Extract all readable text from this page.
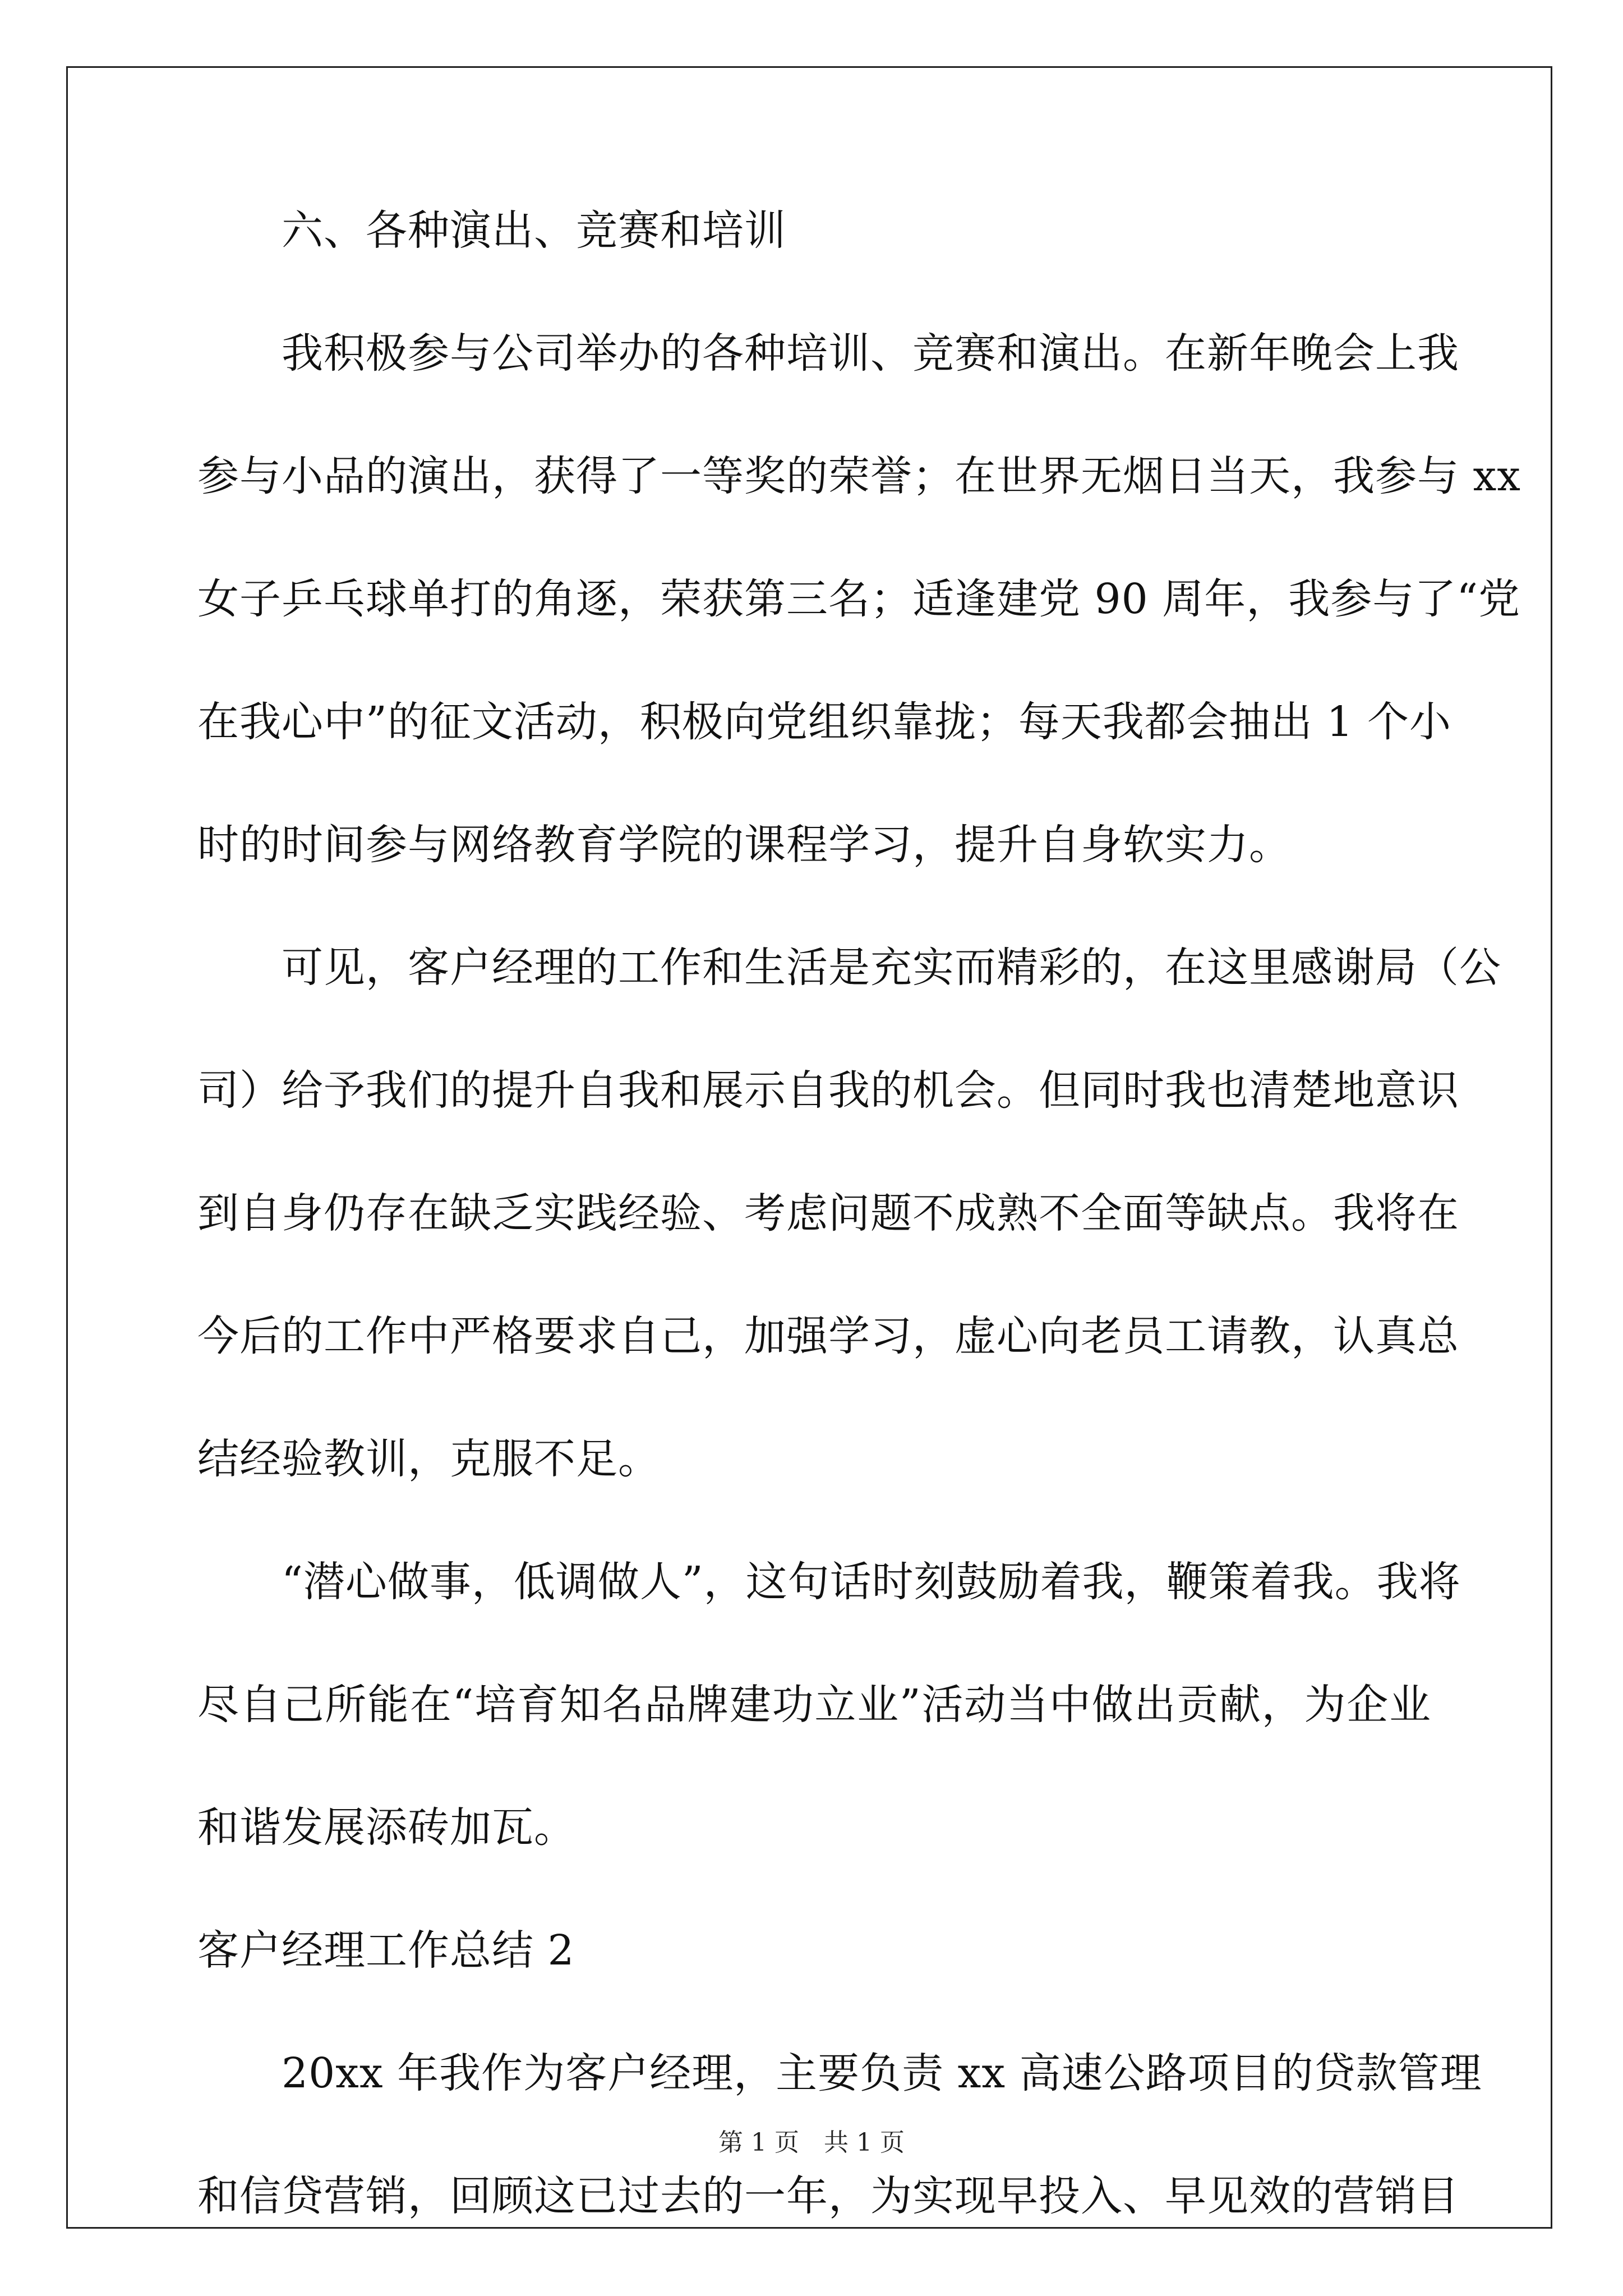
六、各种演出、竞赛和培训
我积极参与公司举办的各种培训、竞赛和演出。在新年晚会上我
参与小品的演出，获得了一等奖的荣誉；在世界无烟日当天，我参与 xx
女子乒乓球单打的角逐，荣获第三名；适逢建党 90 周年，我参与了“党
在我心中”的征文活动，积极向党组织靠拢；每天我都会抽出 1 个小
时的时间参与网络教育学院的课程学习，提升自身软实力。
可见，客户经理的工作和生活是充实而精彩的，在这里感谢局（公
司）给予我们的提升自我和展示自我的机会。但同时我也清楚地意识
到自身仍存在缺乏实践经验、考虑问题不成熟不全面等缺点。我将在
今后的工作中严格要求自己，加强学习，虚心向老员工请教，认真总
结经验教训，克服不足。
“潜心做事，低调做人”，这句话时刻鼓励着我，鞭策着我。我将
尽自己所能在“培育知名品牌建功立业”活动当中做出贡献，为企业
和谐发展添砖加瓦。
客户经理工作总结 2
20xx 年我作为客户经理，主要负责 xx 高速公路项目的贷款管理
和信贷营销，回顾这已过去的一年，为实现早投入、早见效的营销目
第 1 页 共 1 页
